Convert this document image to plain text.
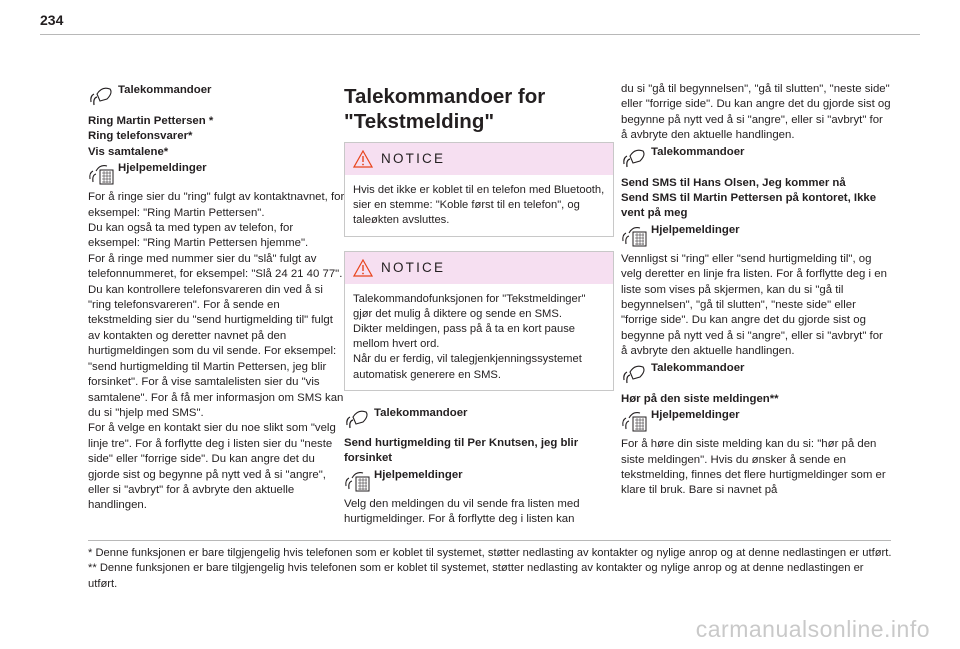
234
Talekommandoer

Ring Martin Pettersen *

Ring telefonsvarer*

Vis samtalene*

Hjelpemeldinger

For å ringe sier du "ring" fulgt av kontaktnavnet, for eksempel: "Ring Martin Pettersen".
Du kan også ta med typen av telefon, for eksempel: "Ring Martin Pettersen hjemme".
For å ringe med nummer sier du "slå" fulgt av telefonnummeret, for eksempel: "Slå 24 21 40 77". Du kan kontrollere telefonsvareren din ved å si "ring telefonsvareren". For å sende en tekstmelding sier du "send hurtigmelding til" fulgt av kontakten og deretter navnet på den hurtigmeldingen som du vil sende. For eksempel: "send hurtigmelding til Martin Pettersen, jeg blir forsinket". For å vise samtalelisten sier du "vis samtalene". For å få mer informasjon om SMS kan du si "hjelp med SMS".
For å velge en kontakt sier du noe slikt som "velg linje tre". For å forflytte deg i listen sier du "neste side" eller "forrige side". Du kan angre det du gjorde sist og begynne på nytt ved å si "angre", eller si "avbryt" for å avbryte den aktuelle handlingen.

Talekommandoer for "Tekstmelding"
NOTICE
Hvis det ikke er koblet til en telefon med Bluetooth, sier en stemme: "Koble først til en telefon", og taleøkten avsluttes.
NOTICE
Talekommandofunksjonen for "Tekstmeldinger" gjør det mulig å diktere og sende en SMS.
Dikter meldingen, pass på å ta en kort pause mellom hvert ord.
Når du er ferdig, vil talegjenkjenningssystemet automatisk generere en SMS.
Talekommandoer

Send hurtigmelding til Per Knutsen, jeg blir forsinket

Hjelpemeldinger

Velg den meldingen du vil sende fra listen med hurtigmeldinger. For å forflytte deg i listen kan

du si "gå til begynnelsen", "gå til slutten", "neste side" eller "forrige side". Du kan angre det du gjorde sist og begynne på nytt ved å si "angre", eller si "avbryt" for å avbryte den aktuelle handlingen.

Talekommandoer

Send SMS til Hans Olsen, Jeg kommer nå

Send SMS til Martin Pettersen på kontoret, Ikke vent på meg

Hjelpemeldinger

Vennligst si "ring" eller "send hurtigmelding til", og velg deretter en linje fra listen. For å forflytte deg i en liste som vises på skjermen, kan du si "gå til begynnelsen", "gå til slutten", "neste side" eller "forrige side". Du kan angre det du gjorde sist og begynne på nytt ved å si "angre", eller si "avbryt" for å avbryte den aktuelle handlingen.

Talekommandoer

Hør på den siste meldingen**

Hjelpemeldinger

For å høre din siste melding kan du si: "hør på den siste meldingen". Hvis du ønsker å sende en tekstmelding, finnes det flere hurtigmeldinger som er klare til bruk. Bare si navnet på

* Denne funksjonen er bare tilgjengelig hvis telefonen som er koblet til systemet, støtter nedlasting av kontakter og nylige anrop og at denne nedlastingen er utført.

** Denne funksjonen er bare tilgjengelig hvis telefonen som er koblet til systemet, støtter nedlasting av kontakter og nylige anrop og at denne nedlastingen er utført.

carmanualsonline.info
